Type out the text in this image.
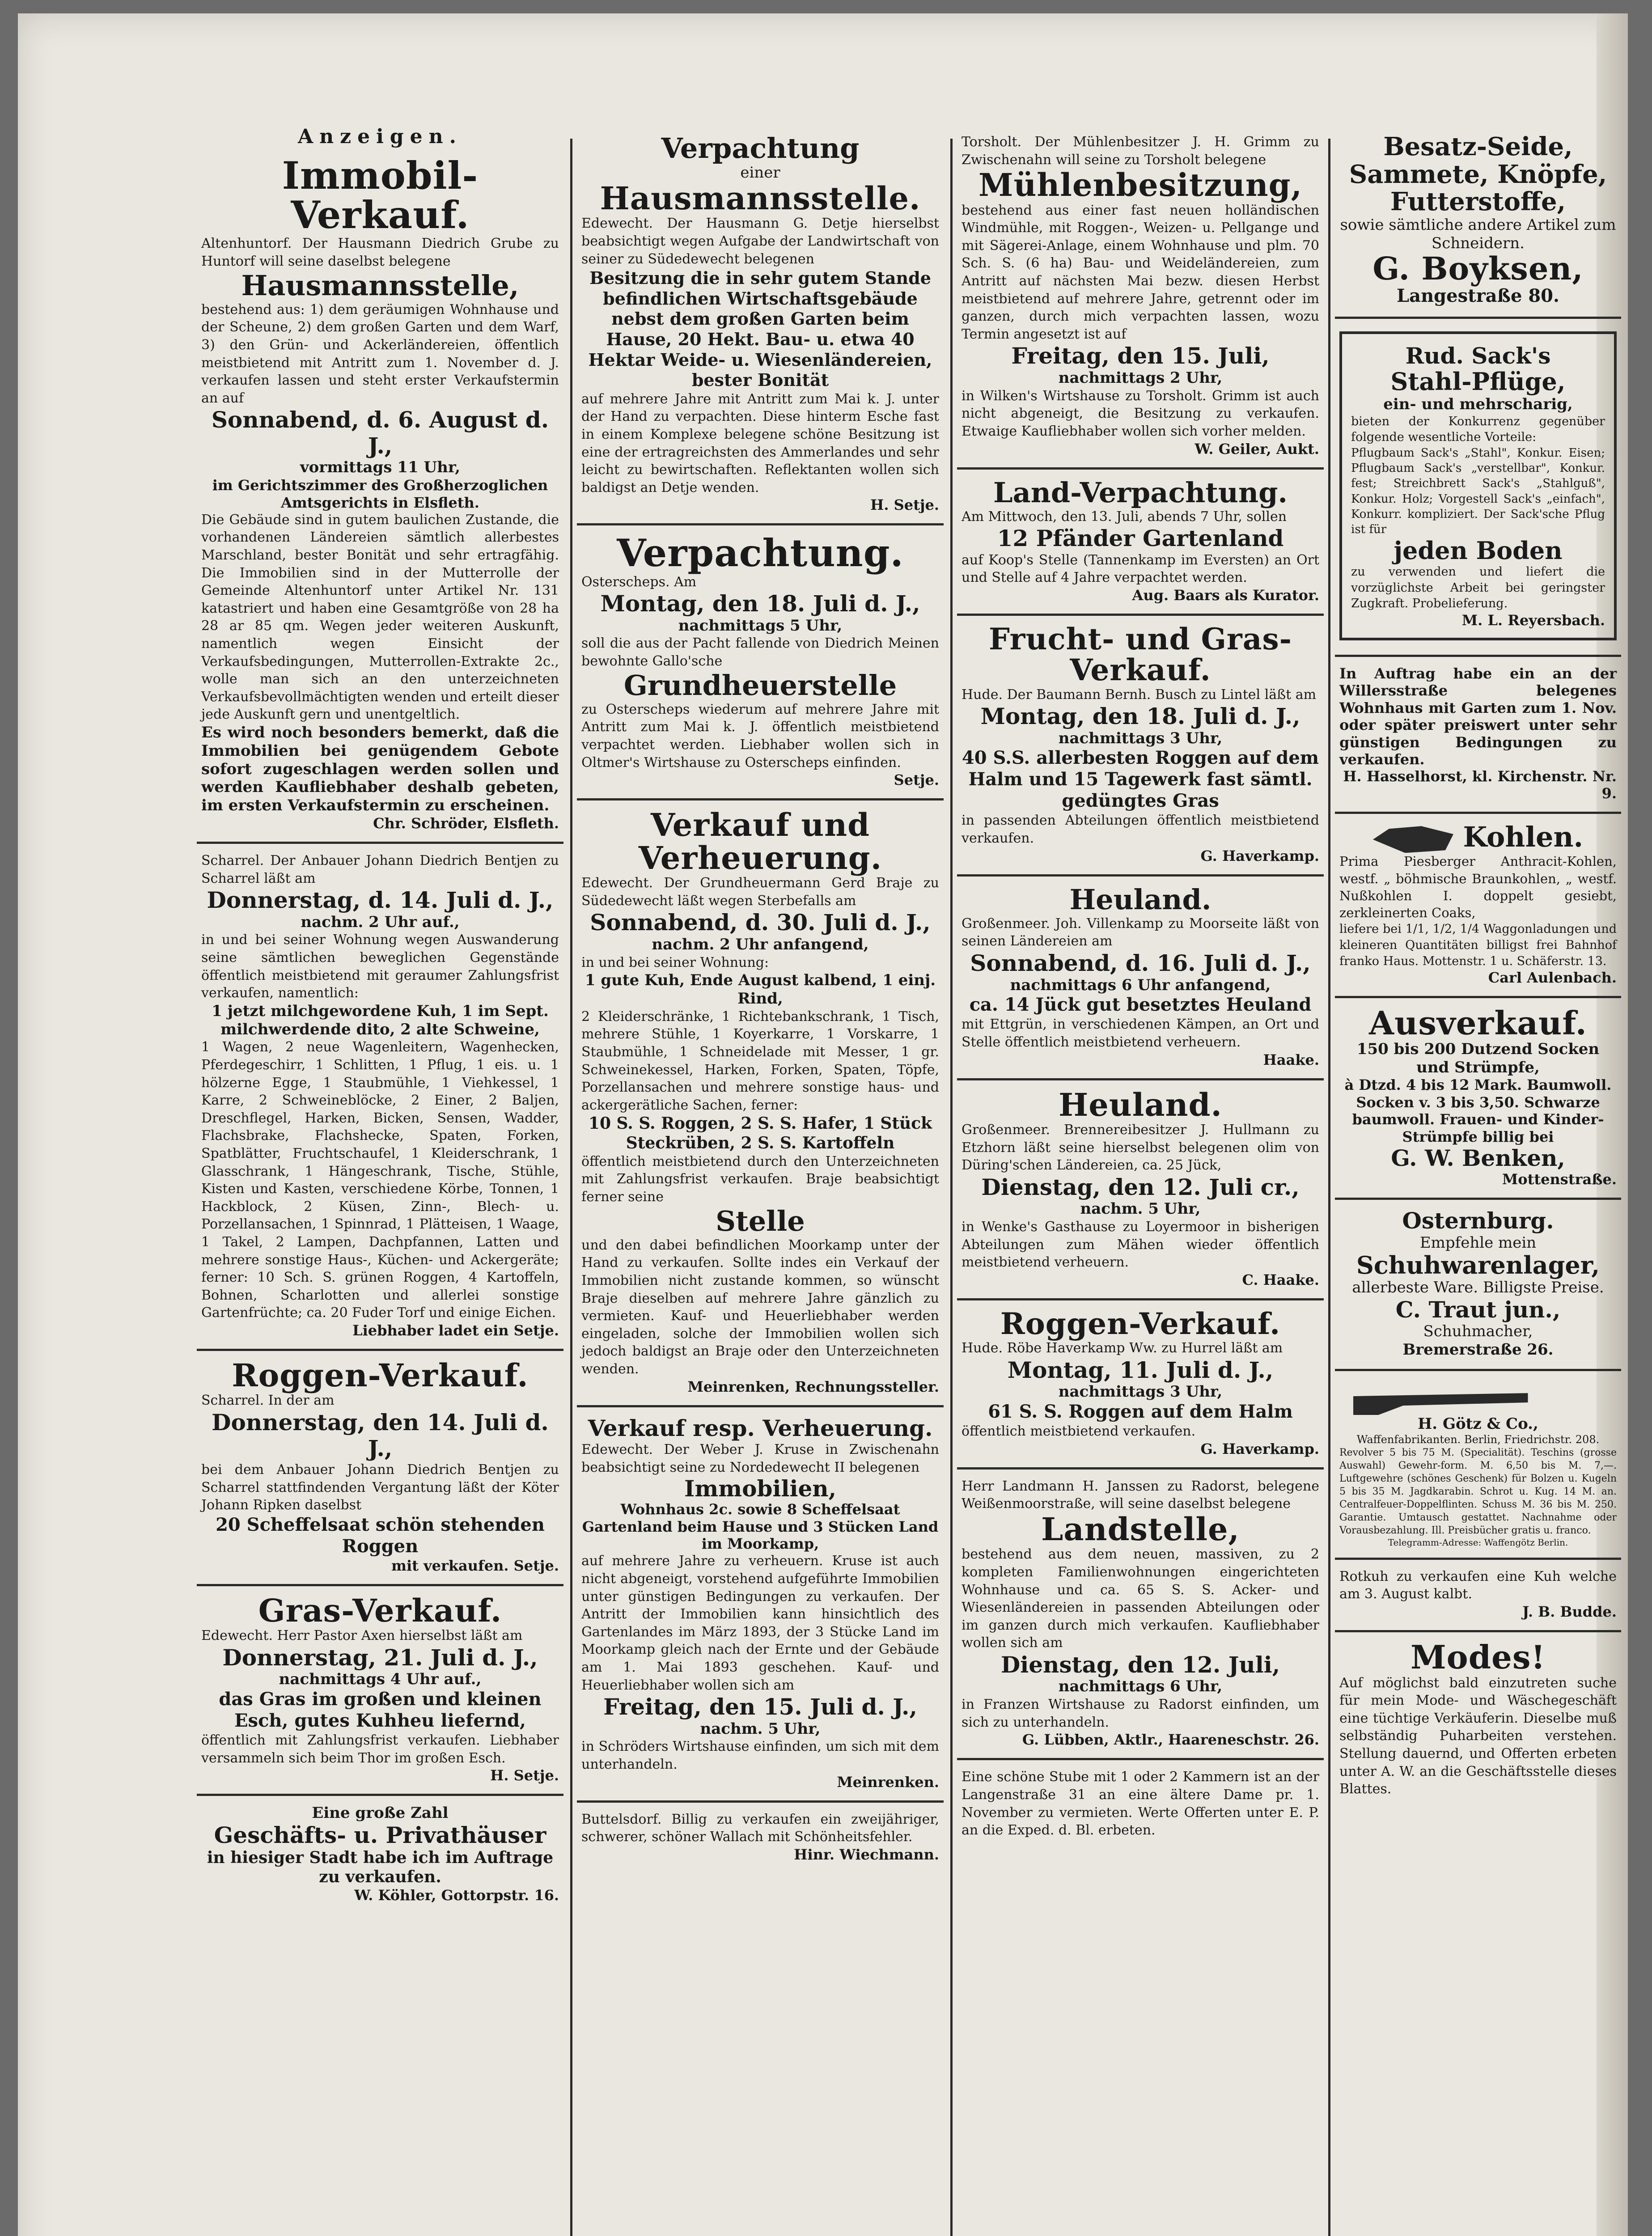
Anzeigen.
Immobil-Verkauf.
Altenhuntorf. Der Hausmann Diedrich Grube zu Huntorf will seine daselbst belegene
Hausmannsstelle,
bestehend aus: 1) dem geräumigen Wohnhause und der Scheune, 2) dem großen Garten und dem Warf, 3) den Grün- und Ackerländereien, öffentlich meistbietend mit Antritt zum 1. November d. J. verkaufen lassen und steht erster Verkaufstermin an auf
Sonnabend, d. 6. August d. J.,
vormittags 11 Uhr,
im Gerichtszimmer des Großherzoglichen Amtsgerichts in Elsfleth.
Die Gebäude sind in gutem baulichen Zustande, die vorhandenen Ländereien sämtlich allerbestes Marschland, bester Bonität und sehr ertragfähig. Die Immobilien sind in der Mutterrolle der Gemeinde Altenhuntorf unter Artikel Nr. 131 katastriert und haben eine Gesamtgröße von 28 ha 28 ar 85 qm. Wegen jeder weiteren Auskunft, namentlich wegen Einsicht der Verkaufsbedingungen, Mutterrollen-Extrakte 2c., wolle man sich an den unterzeichneten Verkaufsbevollmächtigten wenden und erteilt dieser jede Auskunft gern und unentgeltlich.
Es wird noch besonders bemerkt, daß die Immobilien bei genügendem Gebote sofort zugeschlagen werden sollen und werden Kaufliebhaber deshalb gebeten, im ersten Verkaufstermin zu erscheinen.
Chr. Schröder, Elsfleth.
Scharrel. Der Anbauer Johann Diedrich Bentjen zu Scharrel läßt am
Donnerstag, d. 14. Juli d. J.,
nachm. 2 Uhr auf.,
in und bei seiner Wohnung wegen Auswanderung seine sämtlichen beweglichen Gegenstände öffentlich meistbietend mit geraumer Zahlungsfrist verkaufen, namentlich:
1 jetzt milchgewordene Kuh, 1 im Sept. milchwerdende dito, 2 alte Schweine,
1 Wagen, 2 neue Wagenleitern, Wagenhecken, Pferdegeschirr, 1 Schlitten, 1 Pflug, 1 eis. u. 1 hölzerne Egge, 1 Staubmühle, 1 Viehkessel, 1 Karre, 2 Schweineblöcke, 2 Einer, 2 Baljen, Dreschflegel, Harken, Bicken, Sensen, Wadder, Flachsbrake, Flachshecke, Spaten, Forken, Spatblätter, Fruchtschaufel, 1 Kleiderschrank, 1 Glasschrank, 1 Hängeschrank, Tische, Stühle, Kisten und Kasten, verschiedene Körbe, Tonnen, 1 Hackblock, 2 Küsen, Zinn-, Blech- u. Porzellansachen, 1 Spinnrad, 1 Plätteisen, 1 Waage, 1 Takel, 2 Lampen, Dachpfannen, Latten und mehrere sonstige Haus-, Küchen- und Ackergeräte; ferner: 10 Sch. S. grünen Roggen, 4 Kartoffeln, Bohnen, Scharlotten und allerlei sonstige Gartenfrüchte; ca. 20 Fuder Torf und einige Eichen.
Liebhaber ladet ein Setje.
Roggen-Verkauf.
Scharrel. In der am
Donnerstag, den 14. Juli d. J.,
bei dem Anbauer Johann Diedrich Bentjen zu Scharrel stattfindenden Vergantung läßt der Köter Johann Ripken daselbst
20 Scheffelsaat schön stehenden Roggen
mit verkaufen. Setje.
Gras-Verkauf.
Edewecht. Herr Pastor Axen hierselbst läßt am
Donnerstag, 21. Juli d. J.,
nachmittags 4 Uhr auf.,
das Gras im großen und kleinen Esch, gutes Kuhheu liefernd,
öffentlich mit Zahlungsfrist verkaufen. Liebhaber versammeln sich beim Thor im großen Esch.
H. Setje.
Eine große Zahl
Geschäfts- u. Privathäuser
in hiesiger Stadt habe ich im Auftrage zu verkaufen.
W. Köhler, Gottorpstr. 16.
Verpachtung
einer
Hausmannsstelle.
Edewecht. Der Hausmann G. Detje hierselbst beabsichtigt wegen Aufgabe der Landwirtschaft von seiner zu Südedewecht belegenen
Besitzung die in sehr gutem Stande befindlichen Wirtschaftsgebäude nebst dem großen Garten beim Hause, 20 Hekt. Bau- u. etwa 40 Hektar Weide- u. Wiesenländereien, bester Bonität
auf mehrere Jahre mit Antritt zum Mai k. J. unter der Hand zu verpachten. Diese hinterm Esche fast in einem Komplexe belegene schöne Besitzung ist eine der ertragreichsten des Ammerlandes und sehr leicht zu bewirtschaften. Reflektanten wollen sich baldigst an Detje wenden.
H. Setje.
Verpachtung.
Osterscheps. Am
Montag, den 18. Juli d. J.,
nachmittags 5 Uhr,
soll die aus der Pacht fallende von Diedrich Meinen bewohnte Gallo'sche
Grundheuerstelle
zu Osterscheps wiederum auf mehrere Jahre mit Antritt zum Mai k. J. öffentlich meistbietend verpachtet werden. Liebhaber wollen sich in Oltmer's Wirtshause zu Osterscheps einfinden.
Setje.
Verkauf und Verheuerung.
Edewecht. Der Grundheuermann Gerd Braje zu Südedewecht läßt wegen Sterbefalls am
Sonnabend, d. 30. Juli d. J.,
nachm. 2 Uhr anfangend,
in und bei seiner Wohnung:
1 gute Kuh, Ende August kalbend, 1 einj. Rind,
2 Kleiderschränke, 1 Richtebankschrank, 1 Tisch, mehrere Stühle, 1 Koyerkarre, 1 Vorskarre, 1 Staubmühle, 1 Schneidelade mit Messer, 1 gr. Schweinekessel, Harken, Forken, Spaten, Töpfe, Porzellansachen und mehrere sonstige haus- und ackergerätliche Sachen, ferner:
10 S. S. Roggen, 2 S. S. Hafer, 1 Stück Steckrüben, 2 S. S. Kartoffeln
öffentlich meistbietend durch den Unterzeichneten mit Zahlungsfrist verkaufen. Braje beabsichtigt ferner seine
Stelle
und den dabei befindlichen Moorkamp unter der Hand zu verkaufen. Sollte indes ein Verkauf der Immobilien nicht zustande kommen, so wünscht Braje dieselben auf mehrere Jahre gänzlich zu vermieten. Kauf- und Heuerliebhaber werden eingeladen, solche der Immobilien wollen sich jedoch baldigst an Braje oder den Unterzeichneten wenden.
Meinrenken, Rechnungssteller.
Verkauf resp. Verheuerung.
Edewecht. Der Weber J. Kruse in Zwischenahn beabsichtigt seine zu Nordedewecht II belegenen
Immobilien,
Wohnhaus 2c. sowie 8 Scheffelsaat Gartenland beim Hause und 3 Stücken Land im Moorkamp,
auf mehrere Jahre zu verheuern. Kruse ist auch nicht abgeneigt, vorstehend aufgeführte Immobilien unter günstigen Bedingungen zu verkaufen. Der Antritt der Immobilien kann hinsichtlich des Gartenlandes im März 1893, der 3 Stücke Land im Moorkamp gleich nach der Ernte und der Gebäude am 1. Mai 1893 geschehen. Kauf- und Heuerliebhaber wollen sich am
Freitag, den 15. Juli d. J.,
nachm. 5 Uhr,
in Schröders Wirtshause einfinden, um sich mit dem unterhandeln.
Meinrenken.
Buttelsdorf. Billig zu verkaufen ein zweijähriger, schwerer, schöner Wallach mit Schönheitsfehler.
Hinr. Wiechmann.
Torsholt. Der Mühlenbesitzer J. H. Grimm zu Zwischenahn will seine zu Torsholt belegene
Mühlenbesitzung,
bestehend aus einer fast neuen holländischen Windmühle, mit Roggen-, Weizen- u. Pellgange und mit Sägerei-Anlage, einem Wohnhause und plm. 70 Sch. S. (6 ha) Bau- und Weideländereien, zum Antritt auf nächsten Mai bezw. diesen Herbst meistbietend auf mehrere Jahre, getrennt oder im ganzen, durch mich verpachten lassen, wozu Termin angesetzt ist auf
Freitag, den 15. Juli,
nachmittags 2 Uhr,
in Wilken's Wirtshause zu Torsholt. Grimm ist auch nicht abgeneigt, die Besitzung zu verkaufen. Etwaige Kaufliebhaber wollen sich vorher melden.
W. Geiler, Aukt.
Land-Verpachtung.
Am Mittwoch, den 13. Juli, abends 7 Uhr, sollen
12 Pfänder Gartenland
auf Koop's Stelle (Tannenkamp im Eversten) an Ort und Stelle auf 4 Jahre verpachtet werden.
Aug. Baars als Kurator.
Frucht- und Gras-Verkauf.
Hude. Der Baumann Bernh. Busch zu Lintel läßt am
Montag, den 18. Juli d. J.,
nachmittags 3 Uhr,
40 S.S. allerbesten Roggen auf dem Halm und 15 Tagewerk fast sämtl. gedüngtes Gras
in passenden Abteilungen öffentlich meistbietend verkaufen.
G. Haverkamp.
Heuland.
Großenmeer. Joh. Villenkamp zu Moorseite läßt von seinen Ländereien am
Sonnabend, d. 16. Juli d. J.,
nachmittags 6 Uhr anfangend,
ca. 14 Jück gut besetztes Heuland
mit Ettgrün, in verschiedenen Kämpen, an Ort und Stelle öffentlich meistbietend verheuern.
Haake.
Heuland.
Großenmeer. Brennereibesitzer J. Hullmann zu Etzhorn läßt seine hierselbst belegenen olim von Düring'schen Ländereien, ca. 25 Jück,
Dienstag, den 12. Juli cr.,
nachm. 5 Uhr,
in Wenke's Gasthause zu Loyermoor in bisherigen Abteilungen zum Mähen wieder öffentlich meistbietend verheuern.
C. Haake.
Roggen-Verkauf.
Hude. Röbe Haverkamp Ww. zu Hurrel läßt am
Montag, 11. Juli d. J.,
nachmittags 3 Uhr,
61 S. S. Roggen auf dem Halm
öffentlich meistbietend verkaufen.
G. Haverkamp.
Herr Landmann H. Janssen zu Radorst, belegene Weißenmoorstraße, will seine daselbst belegene
Landstelle,
bestehend aus dem neuen, massiven, zu 2 kompleten Familienwohnungen eingerichteten Wohnhause und ca. 65 S. S. Acker- und Wiesenländereien in passenden Abteilungen oder im ganzen durch mich verkaufen. Kaufliebhaber wollen sich am
Dienstag, den 12. Juli,
nachmittags 6 Uhr,
in Franzen Wirtshause zu Radorst einfinden, um sich zu unterhandeln.
G. Lübben, Aktlr., Haareneschstr. 26.
Eine schöne Stube mit 1 oder 2 Kammern ist an der Langenstraße 31 an eine ältere Dame pr. 1. November zu vermieten. Werte Offerten unter E. P. an die Exped. d. Bl. erbeten.
Besatz-Seide,
Sammete, Knöpfe,
Futterstoffe,
sowie sämtliche andere Artikel zum Schneidern.
G. Boyksen,
Langestraße 80.
Rud. Sack's
Stahl-Pflüge,
ein- und mehrscharig,
bieten der Konkurrenz gegenüber folgende wesentliche Vorteile:
Pflugbaum Sack's „Stahl", Konkur. Eisen; Pflugbaum Sack's „verstellbar", Konkur. fest; Streichbrett Sack's „Stahlguß", Konkur. Holz; Vorgestell Sack's „einfach", Konkurr. kompliziert. Der Sack'sche Pflug ist für
jeden Boden
zu verwenden und liefert die vorzüglichste Arbeit bei geringster Zugkraft. Probelieferung.
M. L. Reyersbach.
In Auftrag habe ein an der Willersstraße belegenes Wohnhaus mit Garten zum 1. Nov. oder später preiswert unter sehr günstigen Bedingungen zu verkaufen.
H. Hasselhorst, kl. Kirchenstr. Nr. 9.
Kohlen.
Prima Piesberger Anthracit-Kohlen, westf. „ böhmische Braunkohlen, „ westf. Nußkohlen I. doppelt gesiebt, zerkleinerten Coaks,
liefere bei 1/1, 1/2, 1/4 Waggonladungen und kleineren Quantitäten billigst frei Bahnhof franko Haus. Mottenstr. 1 u. Schäferstr. 13.
Carl Aulenbach.
Ausverkauf.
150 bis 200 Dutzend Socken und Strümpfe,
à Dtzd. 4 bis 12 Mark. Baumwoll. Socken v. 3 bis 3,50. Schwarze baumwoll. Frauen- und Kinder-Strümpfe billig bei
G. W. Benken,
Mottenstraße.
Osternburg.
Empfehle mein
Schuhwarenlager,
allerbeste Ware. Billigste Preise.
C. Traut jun.,
Schuhmacher,
Bremerstraße 26.
H. Götz & Co.,
Waffenfabrikanten. Berlin, Friedrichstr. 208.
Revolver 5 bis 75 M. (Specialität). Teschins (grosse Auswahl) Gewehr-form. M. 6,50 bis M. 7,—. Luftgewehre (schönes Geschenk) für Bolzen u. Kugeln 5 bis 35 M. Jagdkarabin. Schrot u. Kug. 14 M. an. Centralfeuer-Doppelflinten. Schuss M. 36 bis M. 250. Garantie. Umtausch gestattet. Nachnahme oder Vorausbezahlung. Ill. Preisbücher gratis u. franco.
Telegramm-Adresse: Waffengötz Berlin.
Rotkuh zu verkaufen eine Kuh welche am 3. August kalbt.
J. B. Budde.
Modes!
Auf möglichst bald einzutreten suche für mein Mode- und Wäschegeschäft eine tüchtige Verkäuferin. Dieselbe muß selbständig Puharbeiten verstehen. Stellung dauernd, und Offerten erbeten unter A. W. an die Geschäftsstelle dieses Blattes.
